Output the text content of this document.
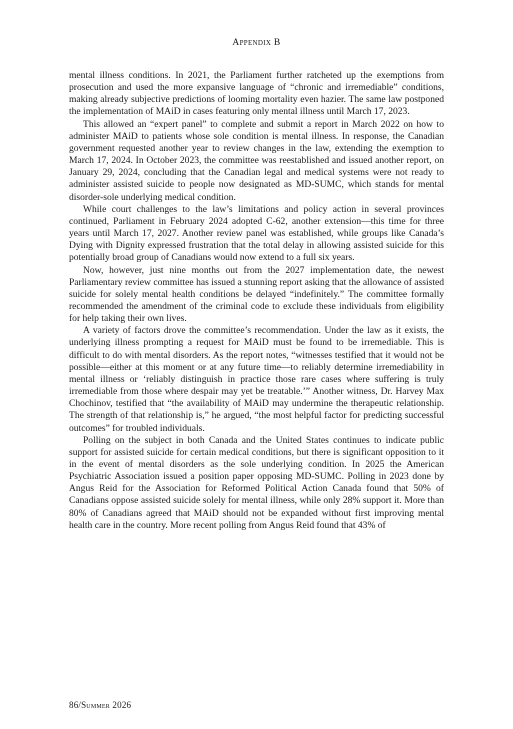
Appendix B

mental illness conditions. In 2021, the Parliament further ratcheted up the exemptions from prosecution and used the more expansive language of “chronic and irremediable” conditions, making already subjective predictions of looming mortality even hazier. The same law postponed the implementation of MAiD in cases featuring only mental illness until March 17, 2023.

This allowed an “expert panel” to complete and submit a report in March 2022 on how to administer MAiD to patients whose sole condition is mental illness. In response, the Canadian government requested another year to review changes in the law, extending the exemption to March 17, 2024. In October 2023, the committee was reestablished and issued another report, on January 29, 2024, concluding that the Canadian legal and medical systems were not ready to administer assisted suicide to people now designated as MD-SUMC, which stands for mental disorder-sole underlying medical condition.

While court challenges to the law’s limitations and policy action in several provinces continued, Parliament in February 2024 adopted C-62, another extension—this time for three years until March 17, 2027. Another review panel was established, while groups like Canada’s Dying with Dignity expressed frustration that the total delay in allowing assisted suicide for this potentially broad group of Canadians would now extend to a full six years.

Now, however, just nine months out from the 2027 implementation date, the newest Parliamentary review committee has issued a stunning report asking that the allowance of assisted suicide for solely mental health conditions be delayed “indefinitely.” The committee formally recommended the amendment of the criminal code to exclude these individuals from eligibility for help taking their own lives.

A variety of factors drove the committee’s recommendation. Under the law as it exists, the underlying illness prompting a request for MAiD must be found to be irremediable. This is difficult to do with mental disorders. As the report notes, “witnesses testified that it would not be possible—either at this moment or at any future time—to reliably determine irremediability in mental illness or ‘reliably distinguish in practice those rare cases where suffering is truly irremediable from those where despair may yet be treatable.’” Another witness, Dr. Harvey Max Chochinov, testified that “the availability of MAiD may undermine the therapeutic relationship. The strength of that relationship is,” he argued, “the most helpful factor for predicting successful outcomes” for troubled individuals.

Polling on the subject in both Canada and the United States continues to indicate public support for assisted suicide for certain medical conditions, but there is significant opposition to it in the event of mental disorders as the sole underlying condition. In 2025 the American Psychiatric Association issued a position paper opposing MD-SUMC. Polling in 2023 done by Angus Reid for the Association for Reformed Political Action Canada found that 50% of Canadians oppose assisted suicide solely for mental illness, while only 28% support it. More than 80% of Canadians agreed that MAiD should not be expanded without first improving mental health care in the country. More recent polling from Angus Reid found that 43% of

86/Summer 2026
